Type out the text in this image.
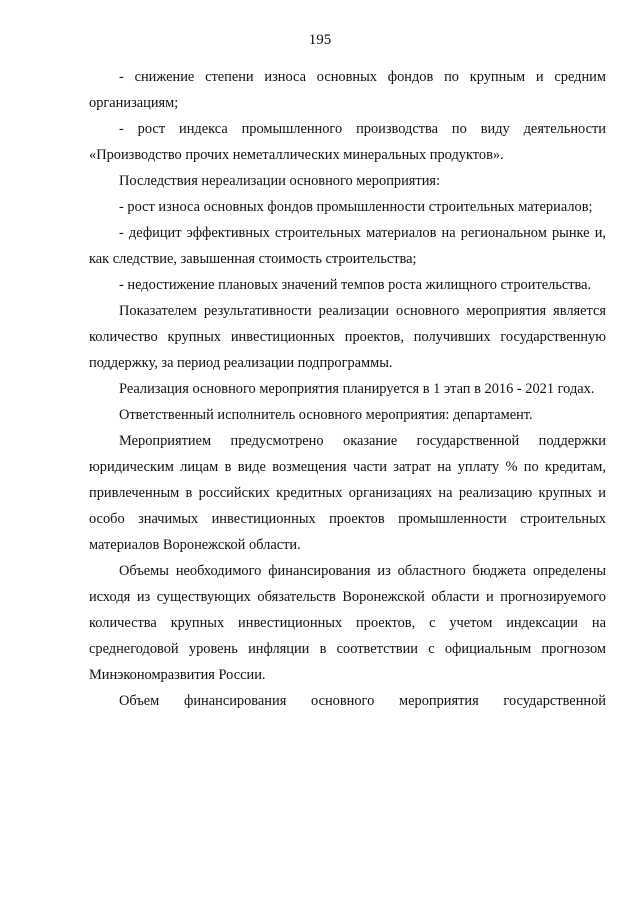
195

- снижение степени износа основных фондов по крупным и средним организациям;

- рост индекса промышленного производства по виду деятельности «Производство прочих неметаллических минеральных продуктов».

Последствия нереализации основного мероприятия:

- рост износа основных фондов промышленности строительных материалов;

- дефицит эффективных строительных материалов на региональном рынке и, как следствие, завышенная стоимость строительства;

- недостижение плановых значений темпов роста жилищного строительства.

Показателем результативности реализации основного мероприятия является количество крупных инвестиционных проектов, получивших государственную поддержку, за период реализации подпрограммы.

Реализация основного мероприятия планируется в 1 этап в 2016 - 2021 годах.

Ответственный исполнитель основного мероприятия: департамент.

Мероприятием предусмотрено оказание государственной поддержки юридическим лицам в виде возмещения части затрат на уплату % по кредитам, привлеченным в российских кредитных организациях на реализацию крупных и особо значимых инвестиционных проектов промышленности строительных материалов Воронежской области.

Объемы необходимого финансирования из областного бюджета определены исходя из существующих обязательств Воронежской области и прогнозируемого количества крупных инвестиционных проектов, с учетом индексации на среднегодовой уровень инфляции в соответствии с официальным прогнозом Минэкономразвития России.

Объем финансирования основного мероприятия государственной
